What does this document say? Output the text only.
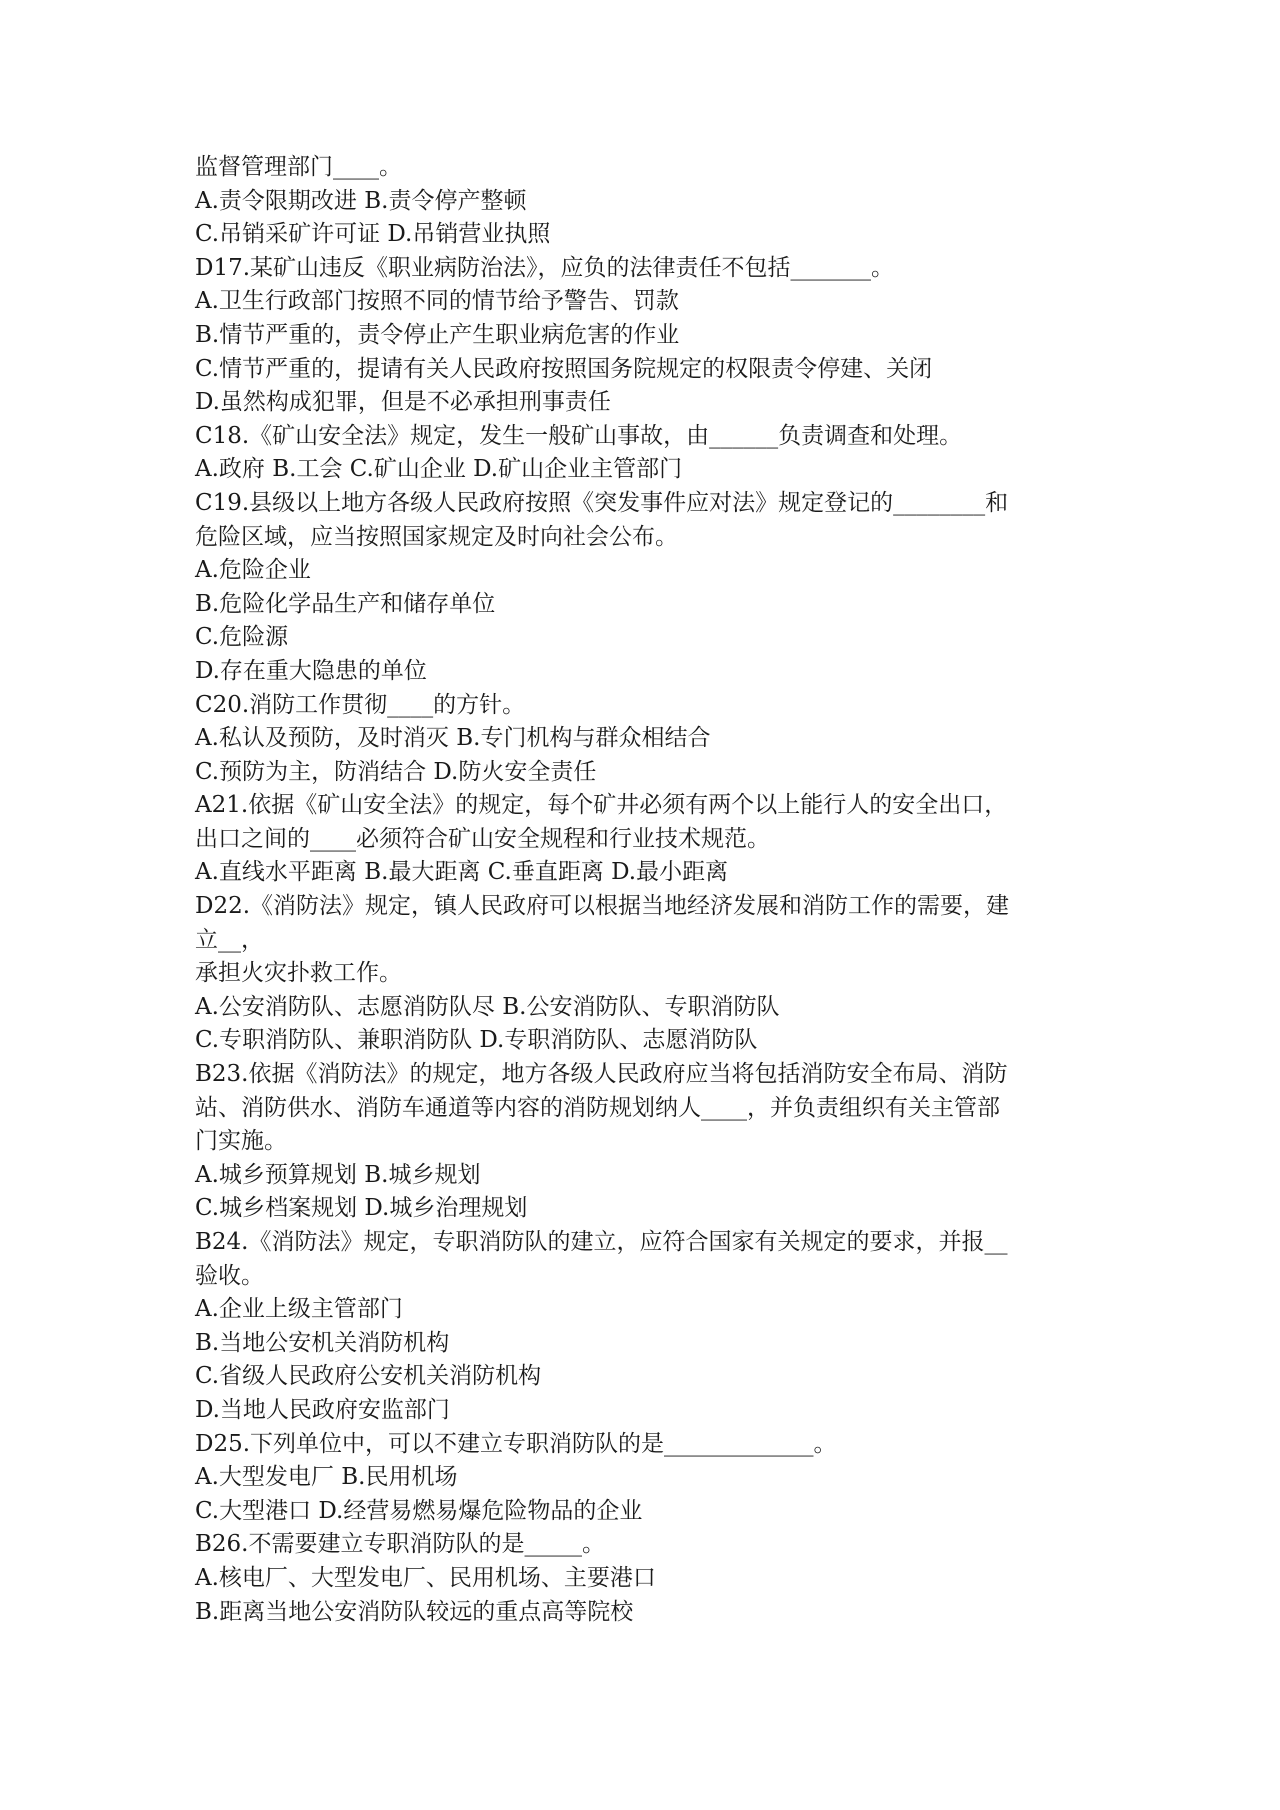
监督管理部门____。
A.责令限期改进 B.责令停产整顿
C.吊销采矿许可证 D.吊销营业执照
D17.某矿山违反《职业病防治法》，应负的法律责任不包括_______。
A.卫生行政部门按照不同的情节给予警告、罚款
B.情节严重的，责令停止产生职业病危害的作业
C.情节严重的，提请有关人民政府按照国务院规定的权限责令停建、关闭
D.虽然构成犯罪，但是不必承担刑事责任
C18.《矿山安全法》规定，发生一般矿山事故，由______负责调查和处理。
A.政府 B.工会 C.矿山企业 D.矿山企业主管部门
C19.县级以上地方各级人民政府按照《突发事件应对法》规定登记的________和
危险区域，应当按照国家规定及时向社会公布。
A.危险企业
B.危险化学品生产和储存单位
C.危险源
D.存在重大隐患的单位
C20.消防工作贯彻____的方针。
A.私认及预防，及时消灭 B.专门机构与群众相结合
C.预防为主，防消结合 D.防火安全责任
A21.依据《矿山安全法》的规定，每个矿井必须有两个以上能行人的安全出口，
出口之间的____必须符合矿山安全规程和行业技术规范。
A.直线水平距离 B.最大距离 C.垂直距离 D.最小距离
D22.《消防法》规定，镇人民政府可以根据当地经济发展和消防工作的需要，建
立__，
承担火灾扑救工作。
A.公安消防队、志愿消防队尽 B.公安消防队、专职消防队
C.专职消防队、兼职消防队 D.专职消防队、志愿消防队
B23.依据《消防法》的规定，地方各级人民政府应当将包括消防安全布局、消防
站、消防供水、消防车通道等内容的消防规划纳人____，并负责组织有关主管部
门实施。
A.城乡预算规划 B.城乡规划
C.城乡档案规划 D.城乡治理规划
B24.《消防法》规定，专职消防队的建立，应符合国家有关规定的要求，并报__
验收。
A.企业上级主管部门
B.当地公安机关消防机构
C.省级人民政府公安机关消防机构
D.当地人民政府安监部门
D25.下列单位中，可以不建立专职消防队的是_____________。
A.大型发电厂 B.民用机场
C.大型港口 D.经营易燃易爆危险物品的企业
B26.不需要建立专职消防队的是_____。
A.核电厂、大型发电厂、民用机场、主要港口
B.距离当地公安消防队较远的重点高等院校
